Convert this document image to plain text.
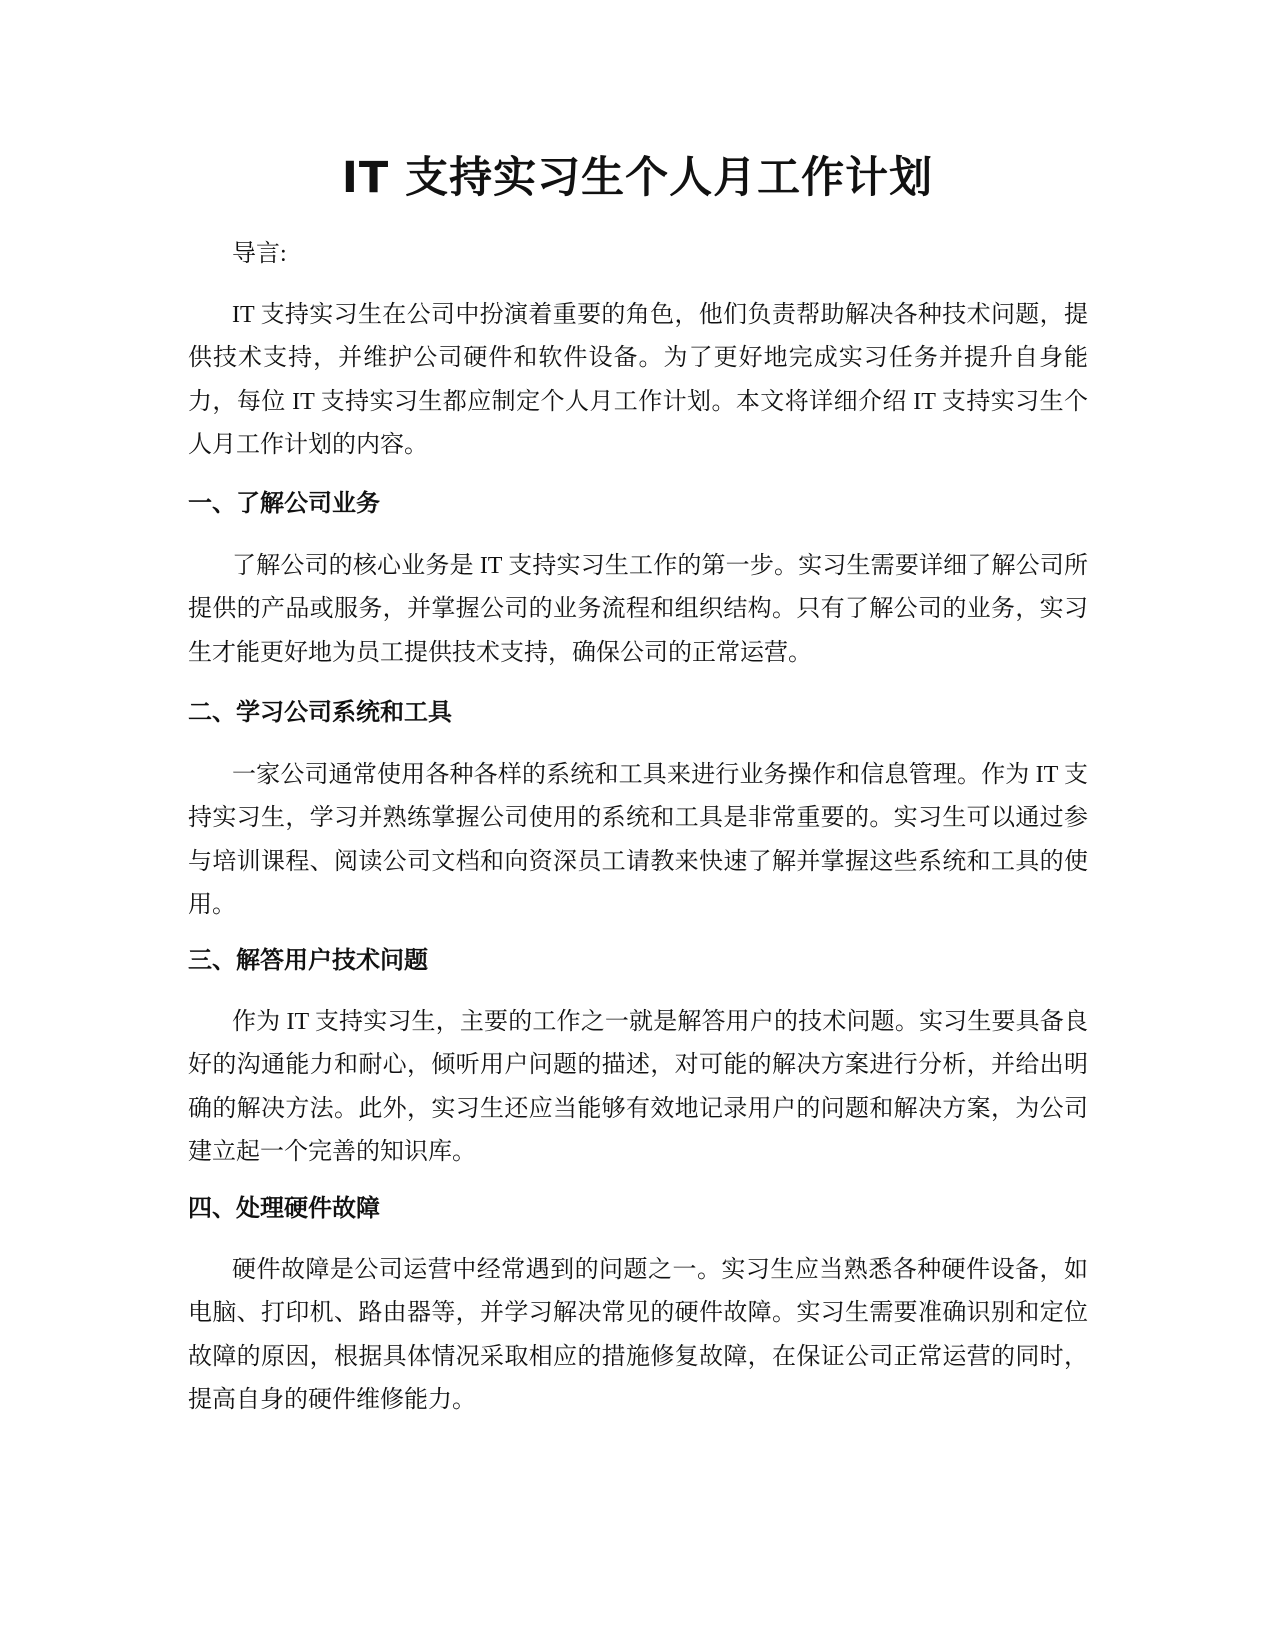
IT 支持实习生个人月工作计划

导言:

IT 支持实习生在公司中扮演着重要的角色，他们负责帮助解决各种技术问题，提供技术支持，并维护公司硬件和软件设备。为了更好地完成实习任务并提升自身能力，每位 IT 支持实习生都应制定个人月工作计划。本文将详细介绍 IT 支持实习生个人月工作计划的内容。

一、了解公司业务

了解公司的核心业务是 IT 支持实习生工作的第一步。实习生需要详细了解公司所提供的产品或服务，并掌握公司的业务流程和组织结构。只有了解公司的业务，实习生才能更好地为员工提供技术支持，确保公司的正常运营。

二、学习公司系统和工具

一家公司通常使用各种各样的系统和工具来进行业务操作和信息管理。作为 IT 支持实习生，学习并熟练掌握公司使用的系统和工具是非常重要的。实习生可以通过参与培训课程、阅读公司文档和向资深员工请教来快速了解并掌握这些系统和工具的使用。

三、解答用户技术问题

作为 IT 支持实习生，主要的工作之一就是解答用户的技术问题。实习生要具备良好的沟通能力和耐心，倾听用户问题的描述，对可能的解决方案进行分析，并给出明确的解决方法。此外，实习生还应当能够有效地记录用户的问题和解决方案，为公司建立起一个完善的知识库。

四、处理硬件故障

硬件故障是公司运营中经常遇到的问题之一。实习生应当熟悉各种硬件设备，如电脑、打印机、路由器等，并学习解决常见的硬件故障。实习生需要准确识别和定位故障的原因，根据具体情况采取相应的措施修复故障，在保证公司正常运营的同时，提高自身的硬件维修能力。
